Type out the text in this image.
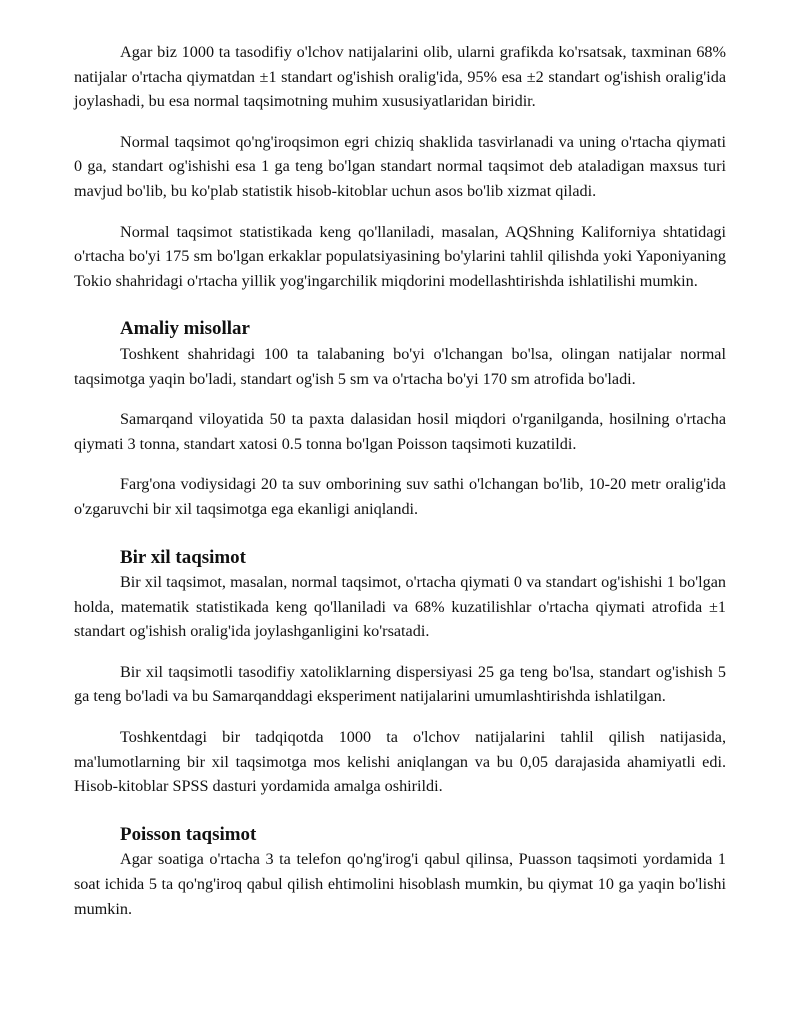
Agar biz 1000 ta tasodifiy o'lchov natijalarini olib, ularni grafikda ko'rsatsak, taxminan 68% natijalar o'rtacha qiymatdan ±1 standart og'ishish oralig'ida, 95% esa ±2 standart og'ishish oralig'ida joylashadi, bu esa normal taqsimotning muhim xususiyatlaridan biridir.

Normal taqsimot qo'ng'iroqsimon egri chiziq shaklida tasvirlanadi va uning o'rtacha qiymati 0 ga, standart og'ishishi esa 1 ga teng bo'lgan standart normal taqsimot deb ataladigan maxsus turi mavjud bo'lib, bu ko'plab statistik hisob-kitoblar uchun asos bo'lib xizmat qiladi.

Normal taqsimot statistikada keng qo'llaniladi, masalan, AQShning Kaliforniya shtatidagi o'rtacha bo'yi 175 sm bo'lgan erkaklar populatsiyasining bo'ylarini tahlil qilishda yoki Yaponiyaning Tokio shahridagi o'rtacha yillik yog'ingarchilik miqdorini modellashtirishda ishlatilishi mumkin.

Amaliy misollar

Toshkent shahridagi 100 ta talabaning bo'yi o'lchangan bo'lsa, olingan natijalar normal taqsimotga yaqin bo'ladi, standart og'ish 5 sm va o'rtacha bo'yi 170 sm atrofida bo'ladi.

Samarqand viloyatida 50 ta paxta dalasidan hosil miqdori o'rganilganda, hosilning o'rtacha qiymati 3 tonna, standart xatosi 0.5 tonna bo'lgan Poisson taqsimoti kuzatildi.

Farg'ona vodiysidagi 20 ta suv omborining suv sathi o'lchangan bo'lib, 10-20 metr oralig'ida o'zgaruvchi bir xil taqsimotga ega ekanligi aniqlandi.

Bir xil taqsimot

Bir xil taqsimot, masalan, normal taqsimot, o'rtacha qiymati 0 va standart og'ishishi 1 bo'lgan holda, matematik statistikada keng qo'llaniladi va 68% kuzatilishlar o'rtacha qiymati atrofida ±1 standart og'ishish oralig'ida joylashganligini ko'rsatadi.

Bir xil taqsimotli tasodifiy xatoliklarning dispersiyasi 25 ga teng bo'lsa, standart og'ishish 5 ga teng bo'ladi va bu Samarqanddagi eksperiment natijalarini umumlashtirishda ishlatilgan.

Toshkentdagi bir tadqiqotda 1000 ta o'lchov natijalarini tahlil qilish natijasida, ma'lumotlarning bir xil taqsimotga mos kelishi aniqlangan va bu 0,05 darajasida ahamiyatli edi. Hisob-kitoblar SPSS dasturi yordamida amalga oshirildi.

Poisson taqsimot

Agar soatiga o'rtacha 3 ta telefon qo'ng'irog'i qabul qilinsa, Puasson taqsimoti yordamida 1 soat ichida 5 ta qo'ng'iroq qabul qilish ehtimolini hisoblash mumkin, bu qiymat 10 ga yaqin bo'lishi mumkin.
